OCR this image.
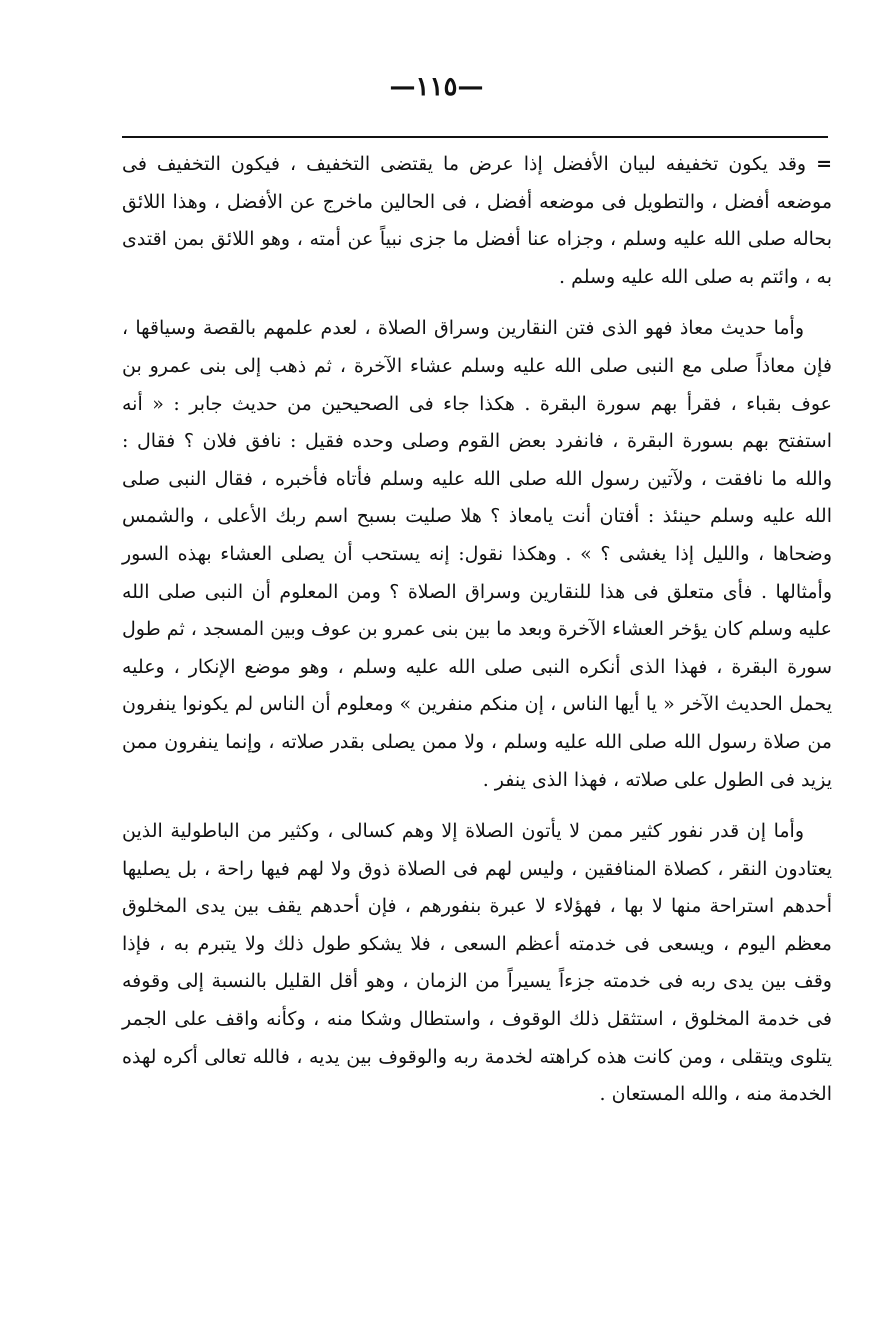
—١١٥—

= وقد يكون تخفيفه لبيان الأفضل إذا عرض ما يقتضى التخفيف ، فيكون التخفيف فى موضعه أفضل ، والتطويل فى موضعه أفضل ، فى الحالين ماخرج عن الأفضل ، وهذا اللائق بحاله صلى الله عليه وسلم ، وجزاه عنا أفضل ما جزى نبياً عن أمته ، وهو اللائق بمن اقتدى به ، وائتم به صلى الله عليه وسلم .

وأما حديث معاذ فهو الذى فتن النقارين وسراق الصلاة ، لعدم علمهم بالقصة وسياقها ، فإن معاذاً صلى مع النبى صلى الله عليه وسلم عشاء الآخرة ، ثم ذهب إلى بنى عمرو بن عوف بقباء ، فقرأ بهم سورة البقرة . هكذا جاء فى الصحيحين من حديث جابر : « أنه استفتح بهم بسورة البقرة ، فانفرد بعض القوم وصلى وحده فقيل : نافق فلان ؟ فقال : والله ما نافقت ، ولآتين رسول الله صلى الله عليه وسلم فأتاه فأخبره ، فقال النبى صلى الله عليه وسلم حينئذ : أفتان أنت يامعاذ ؟ هلا صليت بسبح اسم ربك الأعلى ، والشمس وضحاها ، والليل إذا يغشى ؟ » . وهكذا نقول: إنه يستحب أن يصلى العشاء بهذه السور وأمثالها . فأى متعلق فى هذا للنقارين وسراق الصلاة ؟ ومن المعلوم أن النبى صلى الله عليه وسلم كان يؤخر العشاء الآخرة وبعد ما بين بنى عمرو بن عوف وبين المسجد ، ثم طول سورة البقرة ، فهذا الذى أنكره النبى صلى الله عليه وسلم ، وهو موضع الإنكار ، وعليه يحمل الحديث الآخر « يا أيها الناس ، إن منكم منفرين » ومعلوم أن الناس لم يكونوا ينفرون من صلاة رسول الله صلى الله عليه وسلم ، ولا ممن يصلى بقدر صلاته ، وإنما ينفرون ممن يزيد فى الطول على صلاته ، فهذا الذى ينفر .

وأما إن قدر نفور كثير ممن لا يأتون الصلاة إلا وهم كسالى ، وكثير من الباطولية الذين يعتادون النقر ، كصلاة المنافقين ، وليس لهم فى الصلاة ذوق ولا لهم فيها راحة ، بل يصليها أحدهم استراحة منها لا بها ، فهؤلاء لا عبرة بنفورهم ، فإن أحدهم يقف بين يدى المخلوق معظم اليوم ، ويسعى فى خدمته أعظم السعى ، فلا يشكو طول ذلك ولا يتبرم به ، فإذا وقف بين يدى ربه فى خدمته جزءاً يسيراً من الزمان ، وهو أقل القليل بالنسبة إلى وقوفه فى خدمة المخلوق ، استثقل ذلك الوقوف ، واستطال وشكا منه ، وكأنه واقف على الجمر يتلوى ويتقلى ، ومن كانت هذه كراهته لخدمة ربه والوقوف بين يديه ، فالله تعالى أكره لهذه الخدمة منه ، والله المستعان .
